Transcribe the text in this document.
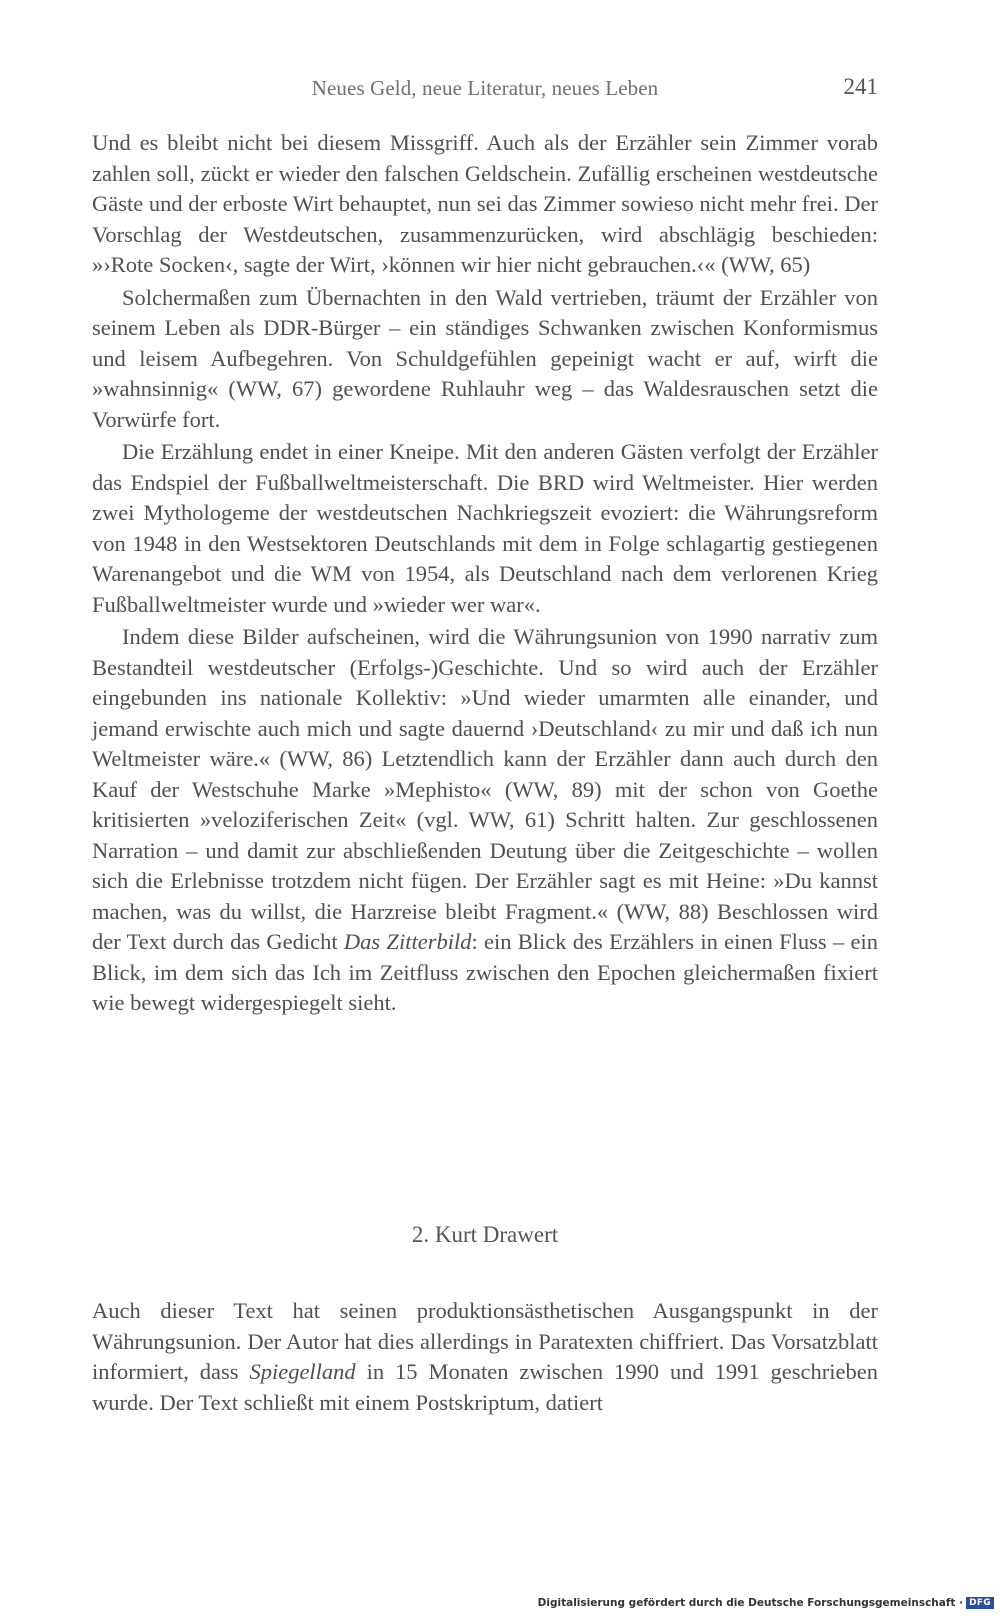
Neues Geld, neue Literatur, neues Leben	241

Und es bleibt nicht bei diesem Missgriff. Auch als der Erzähler sein Zimmer vorab zahlen soll, zückt er wieder den falschen Geldschein. Zufällig erscheinen westdeutsche Gäste und der erboste Wirt behauptet, nun sei das Zimmer sowieso nicht mehr frei. Der Vorschlag der Westdeutschen, zusammenzurücken, wird abschlägig beschieden: »›Rote Socken‹, sagte der Wirt, ›können wir hier nicht gebrauchen.‹« (WW, 65)

Solchermaßen zum Übernachten in den Wald vertrieben, träumt der Erzähler von seinem Leben als DDR-Bürger – ein ständiges Schwanken zwischen Konformismus und leisem Aufbegehren. Von Schuldgefühlen gepeinigt wacht er auf, wirft die »wahnsinnig« (WW, 67) gewordene Ruhlauhr weg – das Waldesrauschen setzt die Vorwürfe fort.

Die Erzählung endet in einer Kneipe. Mit den anderen Gästen verfolgt der Erzähler das Endspiel der Fußballweltmeisterschaft. Die BRD wird Weltmeister. Hier werden zwei Mythologeme der westdeutschen Nachkriegszeit evoziert: die Währungsreform von 1948 in den Westsektoren Deutschlands mit dem in Folge schlagartig gestiegenen Warenangebot und die WM von 1954, als Deutschland nach dem verlorenen Krieg Fußballweltmeister wurde und »wieder wer war«.

Indem diese Bilder aufscheinen, wird die Währungsunion von 1990 narrativ zum Bestandteil westdeutscher (Erfolgs-)Geschichte. Und so wird auch der Erzähler eingebunden ins nationale Kollektiv: »Und wieder umarmten alle einander, und jemand erwischte auch mich und sagte dauernd ›Deutschland‹ zu mir und daß ich nun Weltmeister wäre.« (WW, 86) Letztendlich kann der Erzähler dann auch durch den Kauf der Westschuhe Marke »Mephisto« (WW, 89) mit der schon von Goethe kritisierten »veloziferischen Zeit« (vgl. WW, 61) Schritt halten. Zur geschlossenen Narration – und damit zur abschließenden Deutung über die Zeitgeschichte – wollen sich die Erlebnisse trotzdem nicht fügen. Der Erzähler sagt es mit Heine: »Du kannst machen, was du willst, die Harzreise bleibt Fragment.« (WW, 88) Beschlossen wird der Text durch das Gedicht Das Zitterbild: ein Blick des Erzählers in einen Fluss – ein Blick, im dem sich das Ich im Zeitfluss zwischen den Epochen gleichermaßen fixiert wie bewegt widergespiegelt sieht.

2. Kurt Drawert

Auch dieser Text hat seinen produktionsästhetischen Ausgangspunkt in der Währungsunion. Der Autor hat dies allerdings in Paratexten chiffriert. Das Vorsatzblatt informiert, dass Spiegelland in 15 Monaten zwischen 1990 und 1991 geschrieben wurde. Der Text schließt mit einem Postskriptum, datiert

Digitalisierung gefördert durch die Deutsche Forschungsgemeinschaft · DFG
